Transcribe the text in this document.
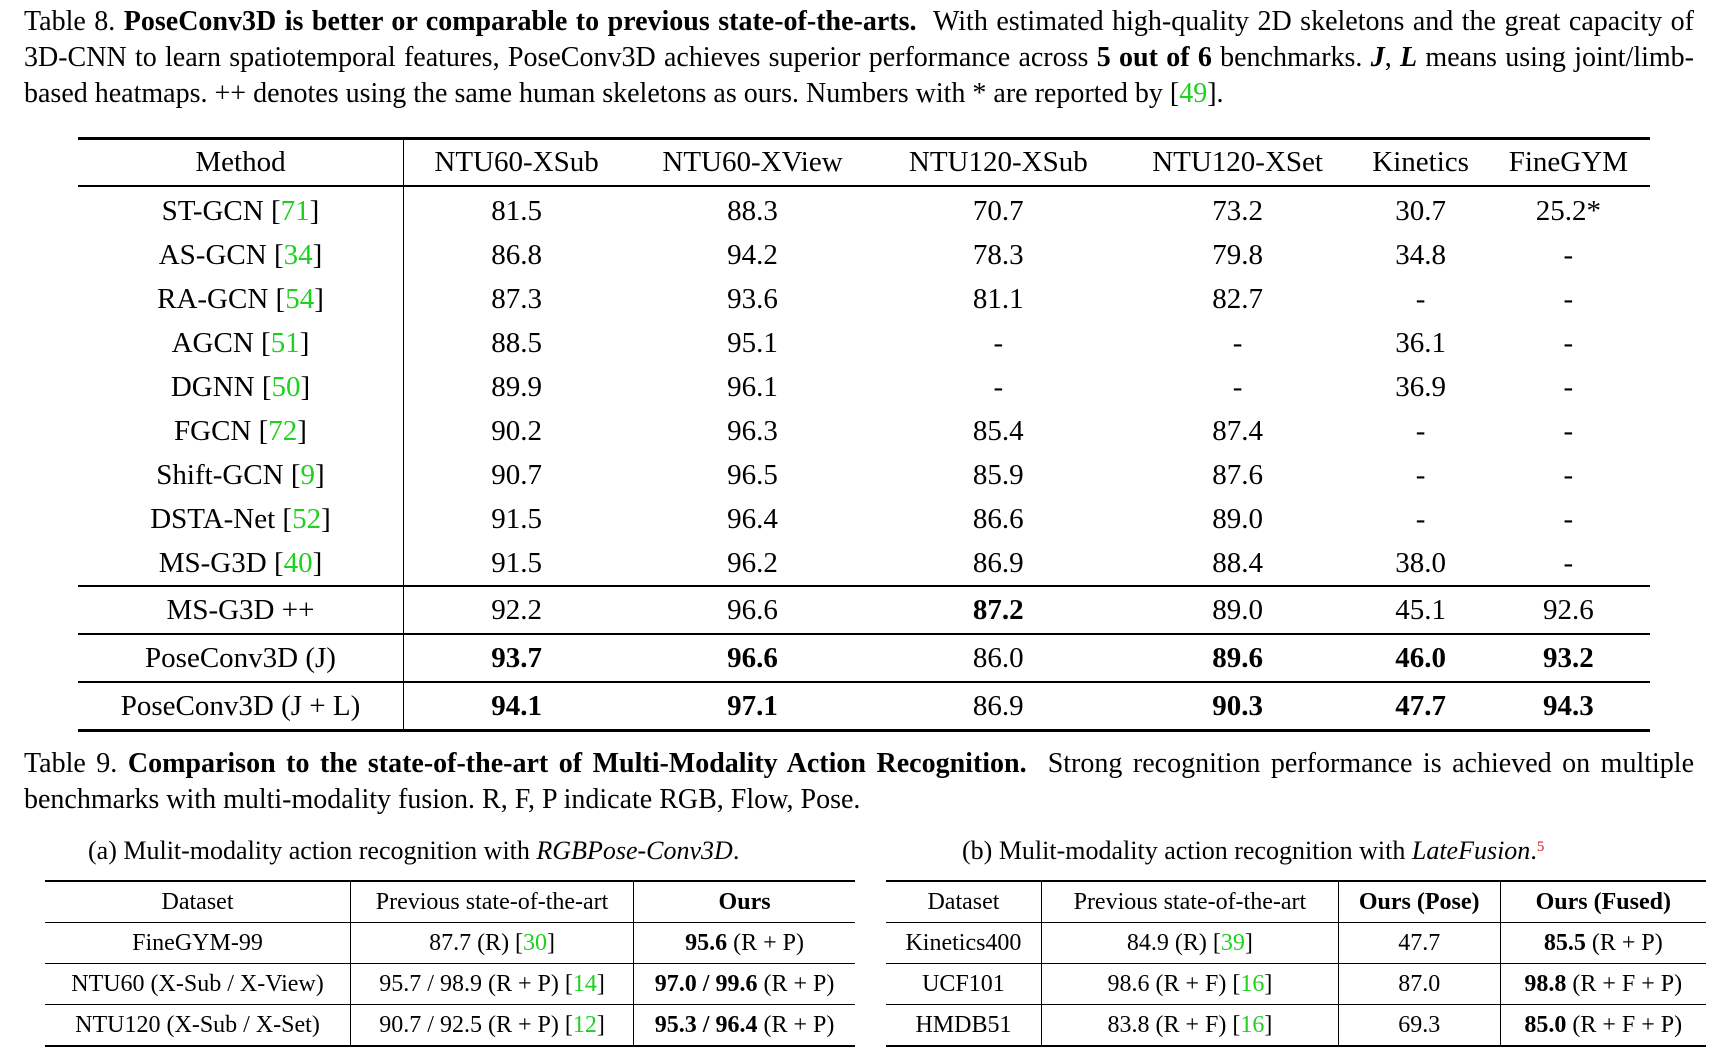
Table 8. PoseConv3D is better or comparable to previous state-of-the-arts. With estimated high-quality 2D skeletons and the great capacity of 3D-CNN to learn spatiotemporal features, PoseConv3D achieves superior performance across 5 out of 6 benchmarks. J, L means using joint/limb-based heatmaps. ++ denotes using the same human skeletons as ours. Numbers with * are reported by [49].
Method	NTU60-XSub	NTU60-XView	NTU120-XSub	NTU120-XSet	Kinetics	FineGYM
ST-GCN [71]	81.5	88.3	70.7	73.2	30.7	25.2*
AS-GCN [34]	86.8	94.2	78.3	79.8	34.8	-
RA-GCN [54]	87.3	93.6	81.1	82.7	-	-
AGCN [51]	88.5	95.1	-	-	36.1	-
DGNN [50]	89.9	96.1	-	-	36.9	-
FGCN [72]	90.2	96.3	85.4	87.4	-	-
Shift-GCN [9]	90.7	96.5	85.9	87.6	-	-
DSTA-Net [52]	91.5	96.4	86.6	89.0	-	-
MS-G3D [40]	91.5	96.2	86.9	88.4	38.0	-
MS-G3D ++	92.2	96.6	87.2	89.0	45.1	92.6
PoseConv3D (J)	93.7	96.6	86.0	89.6	46.0	93.2
PoseConv3D (J + L)	94.1	97.1	86.9	90.3	47.7	94.3
Table 9. Comparison to the state-of-the-art of Multi-Modality Action Recognition. Strong recognition performance is achieved on multiple benchmarks with multi-modality fusion. R, F, P indicate RGB, Flow, Pose.
(a) Mulit-modality action recognition with RGBPose-Conv3D.	(b) Mulit-modality action recognition with LateFusion.$^5$
Dataset	Previous state-of-the-art	Ours
FineGYM-99	87.7 (R) [30]	95.6 (R + P)
NTU60 (X-Sub / X-View)	95.7 / 98.9 (R + P) [14]	97.0 / 99.6 (R + P)
NTU120 (X-Sub / X-Set)	90.7 / 92.5 (R + P) [12]	95.3 / 96.4 (R + P)
Dataset	Previous state-of-the-art	Ours (Pose)	Ours (Fused)
Kinetics400	84.9 (R) [39]	47.7	85.5 (R + P)
UCF101	98.6 (R + F) [16]	87.0	98.8 (R + F + P)
HMDB51	83.8 (R + F) [16]	69.3	85.0 (R + F + P)
